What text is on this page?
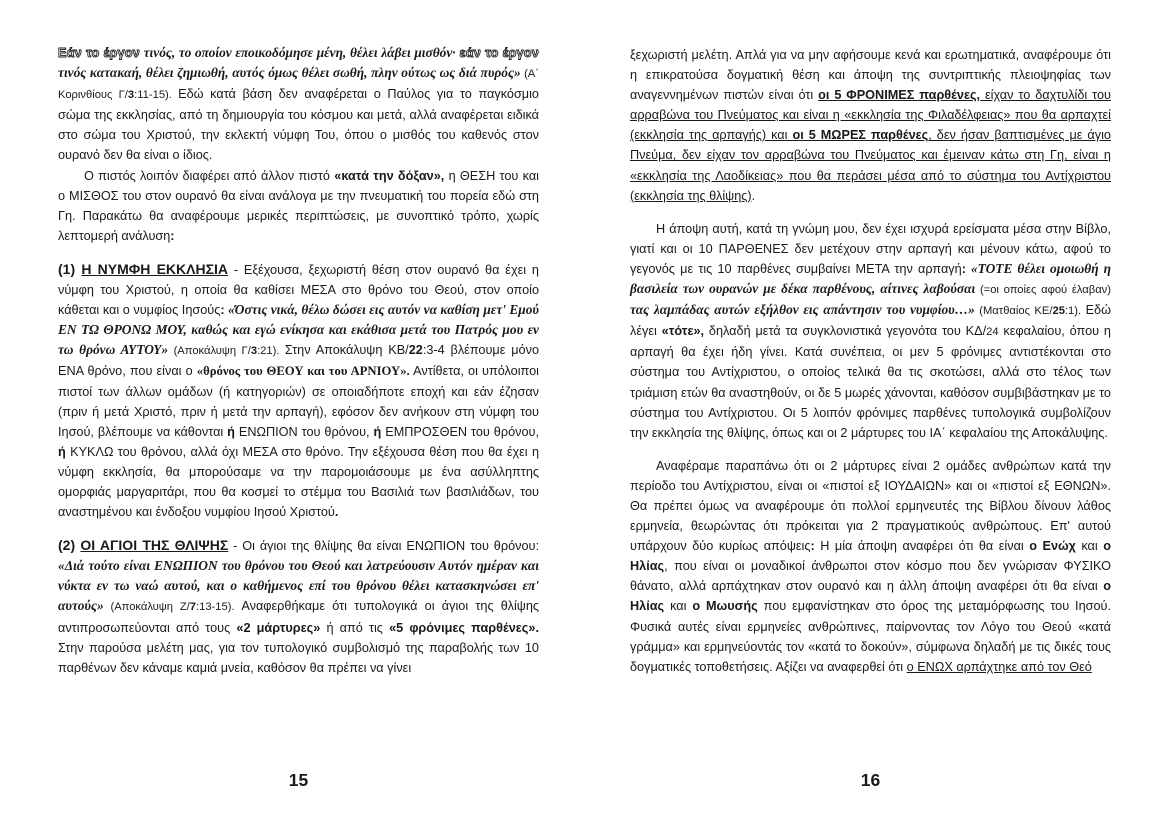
Εάν το έργον τινός, το οποίον εποικοδόμησε μένη, θέλει λάβει μισθόν· εάν το έργον τινός κατακαή, θέλει ζημιωθή, αυτός όμως θέλει σωθή, πλην ούτως ως διά πυρός» (Α΄ Κορινθίους Γ/3:11-15). Εδώ κατά βάση δεν αναφέρεται ο Παύλος για το παγκόσμιο σώμα της εκκλησίας, από τη δημιουργία του κόσμου και μετά, αλλά αναφέρεται ειδικά στο σώμα του Χριστού, την εκλεκτή νύμφη Του, όπου ο μισθός του καθενός στον ουρανό δεν θα είναι ο ίδιος.

Ο πιστός λοιπόν διαφέρει από άλλον πιστό «κατά την δόξαν», η ΘΕΣΗ του και ο ΜΙΣΘΟΣ του στον ουρανό θα είναι ανάλογα με την πνευματική του πορεία εδώ στη Γη. Παρακάτω θα αναφέρουμε μερικές περιπτώσεις, με συνοπτικό τρόπο, χωρίς λεπτομερή ανάλυση:

(1) Η ΝΥΜΦΗ ΕΚΚΛΗΣΙΑ - Εξέχουσα, ξεχωριστή θέση στον ουρανό θα έχει η νύμφη του Χριστού, η οποία θα καθίσει ΜΕΣΑ στο θρόνο του Θεού, στον οποίο κάθεται και ο νυμφίος Ιησούς: «Όστις νικά, θέλω δώσει εις αυτόν να καθίση μετ' Εμού ΕΝ ΤΩ ΘΡΟΝΩ ΜΟΥ, καθώς και εγώ ενίκησα και εκάθισα μετά του Πατρός μου εν τω θρόνω ΑΥΤΟΥ» (Αποκάλυψη Γ/3:21). Στην Αποκάλυψη ΚΒ/22:3-4 βλέπουμε μόνο ΕΝΑ θρόνο, που είναι ο «θρόνος του ΘΕΟΥ και του ΑΡΝΙΟΥ». Αντίθετα, οι υπόλοιποι πιστοί των άλλων ομάδων (ή κατηγοριών) σε οποιαδήποτε εποχή και εάν έζησαν (πριν ή μετά Χριστό, πριν ή μετά την αρπαγή), εφόσον δεν ανήκουν στη νύμφη του Ιησού, βλέπουμε να κάθονται ή ΕΝΩΠΙΟΝ του θρόνου, ή ΕΜΠΡΟΣΘΕΝ του θρόνου, ή ΚΥΚΛΩ του θρόνου, αλλά όχι ΜΕΣΑ στο θρόνο. Την εξέχουσα θέση που θα έχει η νύμφη εκκλησία, θα μπορούσαμε να την παρομοιάσουμε με ένα ασύλληπτης ομορφιάς μαργαριτάρι, που θα κοσμεί το στέμμα του Βασιλιά των βασιλιάδων, του αναστημένου και ένδοξου νυμφίου Ιησού Χριστού.

(2) ΟΙ ΑΓΙΟΙ ΤΗΣ ΘΛΙΨΗΣ - Οι άγιοι της θλίψης θα είναι ΕΝΩΠΙΟΝ του θρόνου: «Διά τούτο είναι ΕΝΩΠΙΟΝ του θρόνου του Θεού και λατρεύουσιν Αυτόν ημέραν και νύκτα εν τω ναώ αυτού, και ο καθήμενος επί του θρόνου θέλει κατασκηνώσει επ' αυτούς» (Αποκάλυψη Ζ/7:13-15). Αναφερθήκαμε ότι τυπολογικά οι άγιοι της θλίψης αντιπροσωπεύονται από τους «2 μάρτυρες» ή από τις «5 φρόνιμες παρθένες». Στην παρούσα μελέτη μας, για τον τυπολογικό συμβολισμό της παραβολής των 10 παρθένων δεν κάναμε καμιά μνεία, καθόσον θα πρέπει να γίνει

15

ξεχωριστή μελέτη. Απλά για να μην αφήσουμε κενά και ερωτηματικά, αναφέρουμε ότι η επικρατούσα δογματική θέση και άποψη της συντριπτικής πλειοψηφίας των αναγεννημένων πιστών είναι ότι οι 5 ΦΡΟΝΙΜΕΣ παρθένες, είχαν το δαχτυλίδι του αρραβώνα του Πνεύματος και είναι η «εκκλησία της Φιλαδέλφειας» που θα αρπαχτεί (εκκλησία της αρπαγής) και οι 5 ΜΩΡΕΣ παρθένες, δεν ήσαν βαπτισμένες με άγιο Πνεύμα, δεν είχαν τον αρραβώνα του Πνεύματος και έμειναν κάτω στη Γη, είναι η «εκκλησία της Λαοδίκειας» που θα περάσει μέσα από το σύστημα του Αντίχριστου (εκκλησία της θλίψης).

Η άποψη αυτή, κατά τη γνώμη μου, δεν έχει ισχυρά ερείσματα μέσα στην Βίβλο, γιατί και οι 10 ΠΑΡΘΕΝΕΣ δεν μετέχουν στην αρπαγή και μένουν κάτω, αφού το γεγονός με τις 10 παρθένες συμβαίνει ΜΕΤΑ την αρπαγή: «ΤΟΤΕ θέλει ομοιωθή η βασιλεία των ουρανών με δέκα παρθένους, αίτινες λαβούσαι (=οι οποίες αφού έλαβαν) τας λαμπάδας αυτών εξήλθον εις απάντησιν του νυμφίου…» (Ματθαίος ΚΕ/25:1). Εδώ λέγει «τότε», δηλαδή μετά τα συγκλονιστικά γεγονότα του ΚΔ/24 κεφαλαίου, όπου η αρπαγή θα έχει ήδη γίνει. Κατά συνέπεια, οι μεν 5 φρόνιμες αντιστέκονται στο σύστημα του Αντίχριστου, ο οποίος τελικά θα τις σκοτώσει, αλλά στο τέλος των τριάμιση ετών θα αναστηθούν, οι δε 5 μωρές χάνονται, καθόσον συμβιβάστηκαν με το σύστημα του Αντίχριστου. Οι 5 λοιπόν φρόνιμες παρθένες τυπολογικά συμβολίζουν την εκκλησία της θλίψης, όπως και οι 2 μάρτυρες του ΙΑ΄ κεφαλαίου της Αποκάλυψης.

Αναφέραμε παραπάνω ότι οι 2 μάρτυρες είναι 2 ομάδες ανθρώπων κατά την περίοδο του Αντίχριστου, είναι οι «πιστοί εξ ΙΟΥΔΑΙΩΝ» και οι «πιστοί εξ ΕΘΝΩΝ». Θα πρέπει όμως να αναφέρουμε ότι πολλοί ερμηνευτές της Βίβλου δίνουν λάθος ερμηνεία, θεωρώντας ότι πρόκειται για 2 πραγματικούς ανθρώπους. Επ' αυτού υπάρχουν δύο κυρίως απόψεις: Η μία άποψη αναφέρει ότι θα είναι ο Ενώχ και ο Ηλίας, που είναι οι μοναδικοί άνθρωποι στον κόσμο που δεν γνώρισαν ΦΥΣΙΚΟ θάνατο, αλλά αρπάχτηκαν στον ουρανό και η άλλη άποψη αναφέρει ότι θα είναι ο Ηλίας και ο Μωυσής που εμφανίστηκαν στο όρος της μεταμόρφωσης του Ιησού. Φυσικά αυτές είναι ερμηνείες ανθρώπινες, παίρνοντας τον Λόγο του Θεού «κατά γράμμα» και ερμηνεύοντάς τον «κατά το δοκούν», σύμφωνα δηλαδή με τις δικές τους δογματικές τοποθετήσεις. Αξίζει να αναφερθεί ότι ο ΕΝΩΧ αρπάχτηκε από τον Θεό

16
